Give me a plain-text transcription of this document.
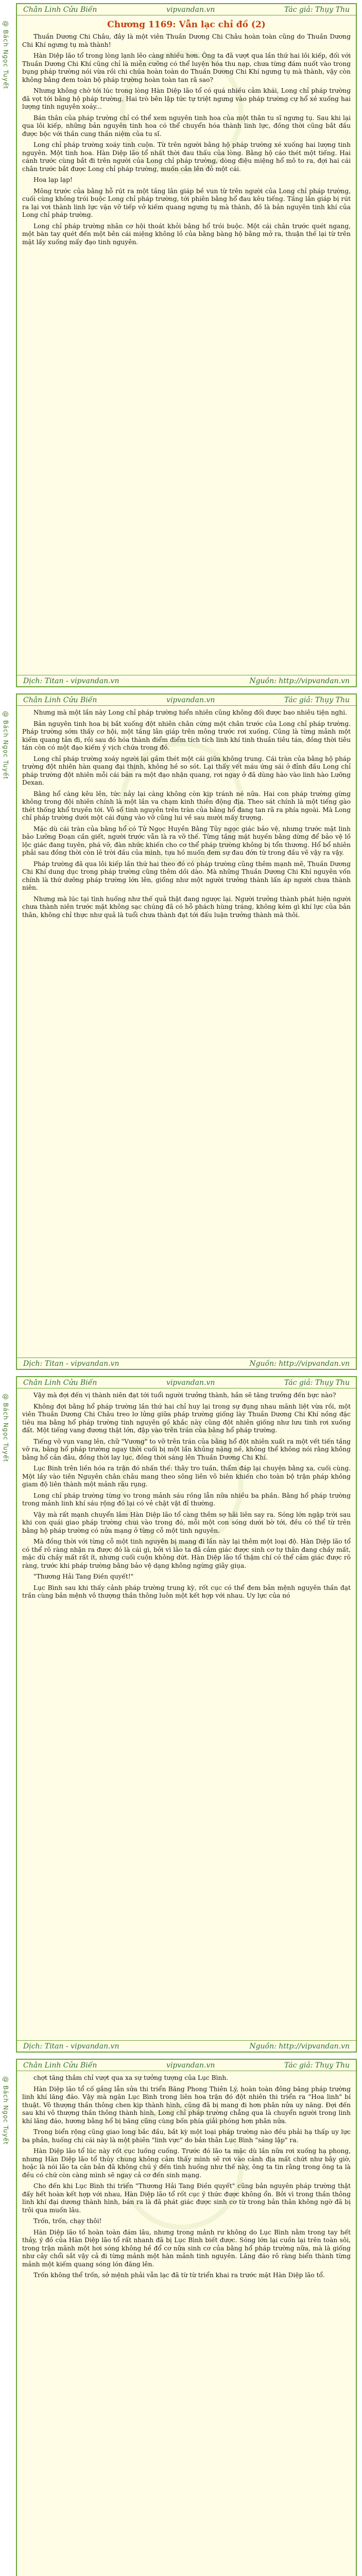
@ Bách Ngọc Tuyết
Chân Linh Cửu Biến	vipvandan.vn	Tác giả: Thụy Thu
Chương 1169: Vẫn lạc chỉ đồ (2)

Thuần Dương Chi Châu, đây là một viên Thuần Dương Chi Châu hoàn toàn cũng do Thuần Dương Chi Khí ngưng tụ mà thành!

Hàn Diệp lão tổ trong lòng lạnh lẽo càng nhiều hơn. Ông ta đã vượt qua lần thứ hai lôi kiếp, đối với Thuần Dương Chi Khí cũng chỉ là miễn cưỡng có thể luyện hóa thu nạp, chưa từng đám nuốt vào trong bụng pháp trường nói vừa rồi chi chúa hoàn toàn do Thuần Dương Chi Khí ngưng tụ mà thành, vậy còn không bằng đem toàn bộ pháp trường hoàn toàn tan rã sao?

Nhưng không chờ tới lúc trong lòng Hàn Diệp lão tổ có quá nhiều cảm khái, Long chỉ pháp trường đã vọt tới bằng hộ pháp trường. Hai trò bên lập tức tự triệt ngưng vào pháp trường cự hổ xé xuống hai lượng tinh nguyên xoáy...

Bán thân của pháp trường chỉ có thể xem nguyên tinh hoa của một thân tu sĩ ngưng tụ. Sau khi lại qua lôi kiếp, những bản nguyên tinh hoa có thể chuyển hóa thành linh lực, đồng thời cũng bắt đầu được bộc với thần cung thần niệm của tu sĩ.

Long chỉ pháp trường xoáy tinh cuộn. Từ trên người bằng hộ pháp trường xé xuống hai lượng tinh nguyên. Một tinh hoa. Hàn Diệp lão tổ nhất thời đau thấu của lòng. Bằng hộ cáo thét một tiếng. Hai cánh trước cùng bắt đi trên người của Long chỉ pháp trường, dòng điệu miệng hổ mô to ra, đợi hai cái chân trước bắt được Long chỉ pháp trường, muốn cắn lên đỏ một cái.

Hoa lạp lạp!

Mông trước của bằng hỗ rút ra một tầng lân giáp bề vun từ trên người của Long chỉ pháp trường, cuối cùng không trói buộc Long chỉ pháp trường, tới phiên bằng hổ đau kêu tiếng. Tầng lân giáp bị rút ra lại vơi thành linh lực vặn vỡ tiếp vở kiếm quang ngưng tụ mà thành, đồ là bản nguyên tinh khí của Long chỉ pháp trường.

Long chỉ pháp trường nhân cơ hội thoát khỏi bằng hổ trói buộc. Một cái chân trước quét ngang, một bàn tay quét đến một bên cái miệng không lồ của bằng bàng hộ bằng mở ra, thuận thế lại từ trên mặt lấy xuống mấy đạo tinh nguyên.

Dịch: Titan - vipvandan.vn	Nguồn: http://vipvandan.vn
@ Bách Ngọc Tuyết
Chân Linh Cửu Biến	vipvandan.vn	Tác giả: Thụy Thu

Nhưng mà một lần này Long chỉ pháp trường hiển nhiên cũng không đối được bao nhiêu tiện nghi.

Bản nguyên tinh hoa bị bắt xuống đột nhiên chân cứng một chân trước của Long chỉ pháp trường. Pháp trường sớm thấy cơ hội, một tầng lân giáp trên mông trước rơi xuống. Cũng là từng mảnh một kiếm quang tản đi, rồi sau đó hóa thành điểm điểm tích tích linh khí tinh thuần tiêu tán, đồng thời tiêu tán còn có một đạo kiếm ý vịch chứa trong đó.

Long chỉ pháp trường xoáy người lại gầm thét một cái giữa không trung. Cái tràn của bằng hộ pháp trường đột nhiên hàn quang đại thịnh, không hề so sót. Lại thấy vết máu ứng sái ở đỉnh đầu Long chỉ pháp trường đột nhiên mỗi cái bản ra một đạo nhận quang, rơi ngay ở đã dùng hào vào linh hào Lưỡng Dexan.

Bằng hổ càng kêu lên, tức nảy lại càng không còn kịp tránh né nữa. Hai con pháp trường gừng không trong đội nhiên chính là một lần va chạm kinh thiên động địa. Theo sát chính là một tiếng gào thét thống khổ truyền tới. Vô số tinh nguyên trên tràn của bằng hổ đang tan rã ra phía ngoài. Mà Long chỉ pháp trường dưới một cái đụng vào vỡ cũng lui về sau mười mấy trượng.

Mặc dù cái tràn của bằng hổ có Tử Ngọc Huyền Bằng Tủy ngọc giác bảo vệ, nhưng trước mặt linh bảo Lưỡng Đoạn cần giết, người trước vẫn là ra vỡ thế. Từng tầng mặt huyền bằng dừng để bảo vệ lồ lộc giác đang tuyên, phá vỡ, đàn nhức khiến cho cơ thể pháp trường không bị tổn thương. Hổ bổ nhiên phải sau đồng thời còn lẽ trời đầu của mình, tựa hồ muốn đem sự đau đớn từ trong đầu vẽ vậy ra vậy.

Pháp trường đã qua lôi kiếp lần thứ hai theo đó có pháp trường cũng thêm mạnh mẽ, Thuần Dương Chi Khí dung dục trong pháp trường cũng thêm dồi dào. Mà những Thuần Dương Chi Khí nguyên vốn chính là thứ dưỡng pháp trường lớn lên, giống như một người trưởng thành lấn áp người chưa thành niên.

Nhưng mà lúc tại tình huống như thế quả thật đang ngược lại. Người trưởng thành phát hiện người chưa thành niên trước mặt không sạc chúng đã có hỗ phách hùng tráng, không kém gì khí lực của bản thân, không chỉ thực như quả là tuổi chưa thành đạt tới đấu luận trưởng thành mà thôi.

Dịch: Titan - vipvandan.vn	Nguồn: http://vipvandan.vn
@ Bách Ngọc Tuyết
Chân Linh Cửu Biến	vipvandan.vn	Tác giả: Thụy Thu

Vậy mà đợi đến vị thành niên đạt tới tuổi người trưởng thành, hắn sẽ tăng trưởng đến bực nào?

Không đợi bằng hổ pháp trường lần thứ hai chỉ huy lại trong sự đụng nhau mãnh liệt vừa rồi, một viên Thuần Dương Chi Châu treo lơ lửng giữa pháp trường giống lày Thuần Dương Chi Khí nồng đặc tiêu ma bằng hổ pháp trường tinh nguyên gồ khắc này cũng đột nhiên giống như lưu tinh rơi xuống đất. Một tiếng vang đương thật lớn, đập vào trên trán của bằng hổ pháp trường.

Tiếng vỡ vụn vang lên, chữ "Vương" to vỡ trên trán của bằng hổ đột nhiên xuất ra một vết tiến tầng vỡ ra, bằng hổ pháp trường ngay thời cuối bị một lần khủng nặng nề, không thể không nói rằng không bằng hổ cản đâu, đồng thời lay lục, đồng thời sáng lên Thuần Dương Chi Khí.

Lục Binh trên liền hóa ra trận đó nhấn thế: thây tro tuần, thẩm đáp lại chuyện bằng xa, cuối cùng. Một lầy vào tiên Nguyên chân châu mang theo sông liên võ biên khiến cho toàn bộ trận pháp không giam độ liên thành một mảnh rãu rụng.

Long chỉ pháp trường từng vo trong mảnh sáu rồng lẫn nữa nhiều ba phần. Bằng hổ pháp trường trong mảnh linh khí sáu rộng đó lại có vẻ chật vật đỉ thường.

Vậy mà rất mạnh chuyển lâm Hàn Diệp lão tổ càng thêm sợ hãi liên say ra. Sóng lớn ngập trời sau khi con quái giao pháp trường chui vào trong đó, mỗi một con sóng dưới bờ tới, đều có thể từ trên bằng hộ pháp trường có nửa mạng ở từng cỗ một tinh nguyên.

Mà đồng thời với từng cỗ một tinh nguyên bị mang đi lần này lại thêm một loại độ. Hàn Diệp lão tổ có thể rõ ràng nhận ra được đó là cái gì, bởi vì lão ta đã cảm giác được sinh cơ tự thân đang chầy mất, mặc dù chầy mất rất ít, nhưng cuối cuộn không dứt. Hàn Diệp lão tổ thậm chí có thể cảm giác được rõ ràng, trước khi pháp trường bằng bảo vệ dạng không ngừng giãy giụa.

"Thương Hải Tang Điền quyết!"

Lục Bình sau khi thấy cảnh pháp trường trung kỳ, rốt cục có thể đem bản mệnh nguyên thần đạt trần cùng bản mệnh vô thượng thần thông luôn một kết hợp với nhau. Uy lực của nó

Dịch: Titan - vipvandan.vn	Nguồn: http://vipvandan.vn
@ Bách Ngọc Tuyết
Chân Linh Cửu Biến	vipvandan.vn	Tác giả: Thụy Thu

chợt tăng thắm chỉ vượt qua xa sự tưởng tượng của Lục Bình.

Hàn Diệp lão tổ cố gắng lẫn sửa thi triển Băng Phong Thiên Lý, hoàn toàn đông băng pháp trường linh khí lăng đáo. Vậy mà ngăn Lục Bình trong liên hoa trận đó đột nhiên thi triển ra "Hoa linh" bí thuật. Vô thượng thần thông chen kịp thành hình, cũng đã bị mang đi hơn phân nửa uy năng. Đợi đến sau khi vô thượng thần thông thành hình, Long chỉ pháp trường chẳng qua là chuyển người trong linh khí lăng đáo, hương bằng hổ bị băng cũng cùng bốn phía giải phóng hơn phân nửa.

Trong biển rộng cũng giao long bắc đầu, bắt kỳ một loại pháp trường nào đều phải hạ thấp uy lực ba phần, huống chi cái này là một phiên "linh vực" do bản thân Lục Bình "sáng lập" ra.

Hàn Diệp lão tổ lúc này rốt cục luống cuống. Trước đó lão ta mặc dù lần nữa rơi xuống hạ phong, nhưng Hàn Diệp lão tổ thủy chung không cảm thấy mình sẽ rơi vào cảnh địa mất chứt như bây giờ, hoặc là nói lão ta căn bản đã không chú ý đến tình huống như thế này, ông ta tin rằng trong ông ta là đều có chứ còn càng mình sẽ ngay cả cơ đến sinh mạng.

Cho đến khi Lục Bình thi triển "Thương Hải Tang Điền quyết" cũng bản nguyên pháp trường thật đấy hết hoàn kết hợp với nhau, Hàn Diệp lão tổ rốt cục ý thức được không ổn. Bởi vì trong thần thông linh khí đại dương thành hình, bán ra là đã phát giác được sinh cơ từ trong bản thân không ngờ đã bị trôi qua muốn lâu.

Trốn, trốn, chạy thôi!

Hàn Diệp lão tổ hoàn toàn đám lâu, nhưng trong mảnh rư không do Lục Bình nằm trong tay hết thảy, ý đồ của Hàn Diệp lão tổ rất nhanh đã bị Lục Bình biết được. Sóng lớn lại cuốn lại trên toàn sôi, trong trận mãnh một hơi sóng không hề đổ cơ nữa sinh cơ của bằng hổ pháp trường nữa, mà là giống như cây chổi sắt vậy cả đi từng mảnh một hàn mảnh tinh nguyên. Lăng đáo rõ ràng biển thành từng mảnh một kiếm quang sóng lón đăng lên.

Trốn không thể trốn, sở mệnh phải vẫn lạc đã từ từ triển khai ra trước mặt Hàn Diệp lão tổ.
